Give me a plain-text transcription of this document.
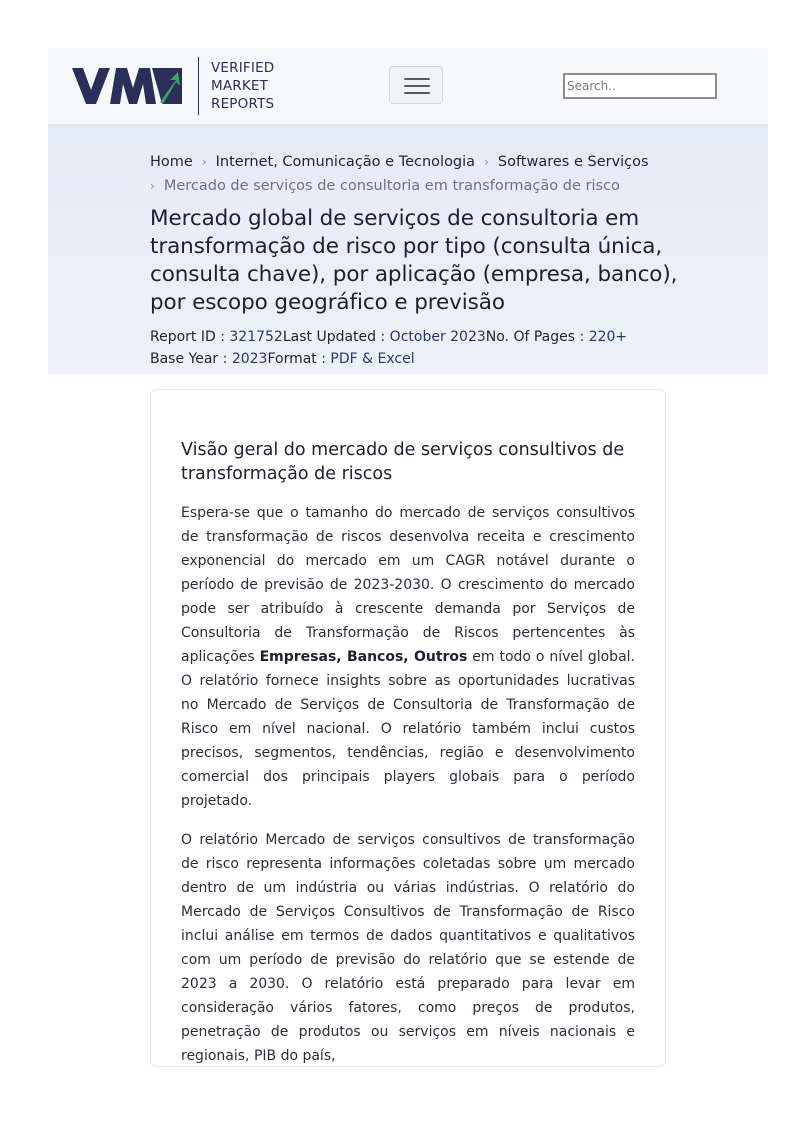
VERIFIED
MARKET
REPORTS
Search..
Home › Internet, Comunicação e Tecnologia › Softwares e Serviços
› Mercado de serviços de consultoria em transformação de risco
Mercado global de serviços de consultoria em transformação de risco por tipo (consulta única, consulta chave), por aplicação (empresa, banco), por escopo geográfico e previsão
Report ID : 321752Last Updated : October 2023No. Of Pages : 220+
Base Year : 2023Format : PDF & Excel
Visão geral do mercado de serviços consultivos de transformação de riscos

Espera-se que o tamanho do mercado de serviços consultivos de transformação de riscos desenvolva receita e crescimento exponencial do mercado em um CAGR notável durante o período de previsão de 2023-2030. O crescimento do mercado pode ser atribuído à crescente demanda por Serviços de Consultoria de Transformação de Riscos pertencentes às aplicações Empresas, Bancos, Outros em todo o nível global. O relatório fornece insights sobre as oportunidades lucrativas no Mercado de Serviços de Consultoria de Transformação de Risco em nível nacional. O relatório também inclui custos precisos, segmentos, tendências, região e desenvolvimento comercial dos principais players globais para o período projetado.

O relatório Mercado de serviços consultivos de transformação de risco representa informações coletadas sobre um mercado dentro de um indústria ou várias indústrias. O relatório do Mercado de Serviços Consultivos de Transformação de Risco inclui análise em termos de dados quantitativos e qualitativos com um período de previsão do relatório que se estende de 2023 a 2030. O relatório está preparado para levar em consideração vários fatores, como preços de produtos, penetração de produtos ou serviços em níveis nacionais e regionais, PIB do país,
